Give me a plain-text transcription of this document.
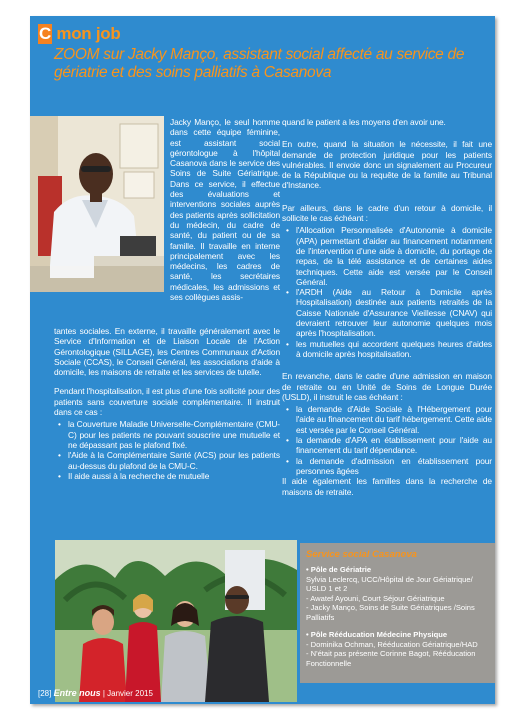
C mon job
ZOOM sur Jacky Manço, assistant social affecté au service de gériatrie et des soins palliatifs à Casanova

Jacky Manço, le seul homme dans cette équipe féminine, est assistant social gérontologue à l'hôpital Casanova dans le service des Soins de Suite Gériatrique. Dans ce service, il effectue des évaluations et interventions sociales auprès des patients après sollicitation du médecin, du cadre de santé, du patient ou de sa famille. Il travaille en interne principalement avec les médecins, les cadres de santé, les secrétaires médicales, les admissions et ses collègues assis-

tantes sociales. En externe, il travaille généralement avec le Service d'Information et de Liaison Locale de l'Action Gérontologique (SILLAGE), les Centres Communaux d'Action Sociale (CCAS), le Conseil Général, les associations d'aide à domicile, les maisons de retraite et les services de tutelle.

Pendant l'hospitalisation, il est plus d'une fois sollicité pour des patients sans couverture sociale complémentaire. Il instruit dans ce cas :

• la Couverture Maladie Universelle-Complémentaire (CMU-C) pour les patients ne pouvant souscrire une mutuelle et ne dépassant pas le plafond fixé.
• l'Aide à la Complémentaire Santé (ACS) pour les patients au-dessus du plafond de la CMU-C.
• Il aide aussi à la recherche de mutuelle

quand le patient a les moyens d'en avoir une.

En outre, quand la situation le nécessite, il fait une demande de protection juridique pour les patients vulnérables. Il envoie donc un signalement au Procureur de la République ou la requête de la famille au Tribunal d'Instance.

Par ailleurs, dans le cadre d'un retour à domicile, il sollicite le cas échéant :

• l'Allocation Personnalisée d'Autonomie à domicile (APA) permettant d'aider au financement notamment de l'intervention d'une aide à domicile, du portage de repas, de la télé assistance et de certaines aides techniques. Cette aide est versée par le Conseil Général.
• l'ARDH (Aide au Retour à Domicile après Hospitalisation) destinée aux patients retraités de la Caisse Nationale d'Assurance Vieillesse (CNAV) qui devraient retrouver leur autonomie quelques mois après l'hospitalisation.
• les mutuelles qui accordent quelques heures d'aides à domicile après hospitalisation.

En revanche, dans le cadre d'une admission en maison de retraite ou en Unité de Soins de Longue Durée (USLD), il instruit le cas échéant :

• la demande d'Aide Sociale à l'Hébergement pour l'aide au financement du tarif hébergement. Cette aide est versée par le Conseil Général.
• la demande d'APA en établissement pour l'aide au financement du tarif dépendance.
• la demande d'admission en établissement pour personnes âgées

Il aide également les familles dans la recherche de maisons de retraite.

Service social Casanova
• Pôle de Gériatrie
Sylvia Leclercq, UCC/Hôpital de Jour Gériatrique/ USLD 1 et 2
- Awatef Ayouni, Court Séjour Gériatrique
- Jacky Manço, Soins de Suite Gériatriques /Soins Palliatifs
• Pôle Rééducation Médecine Physique
- Dominika Ochman, Rééducation Gériatrique/HAD
- N'était pas présente Corinne Bagot, Rééducation Fonctionnelle
[28] Entre nous | Janvier 2015
